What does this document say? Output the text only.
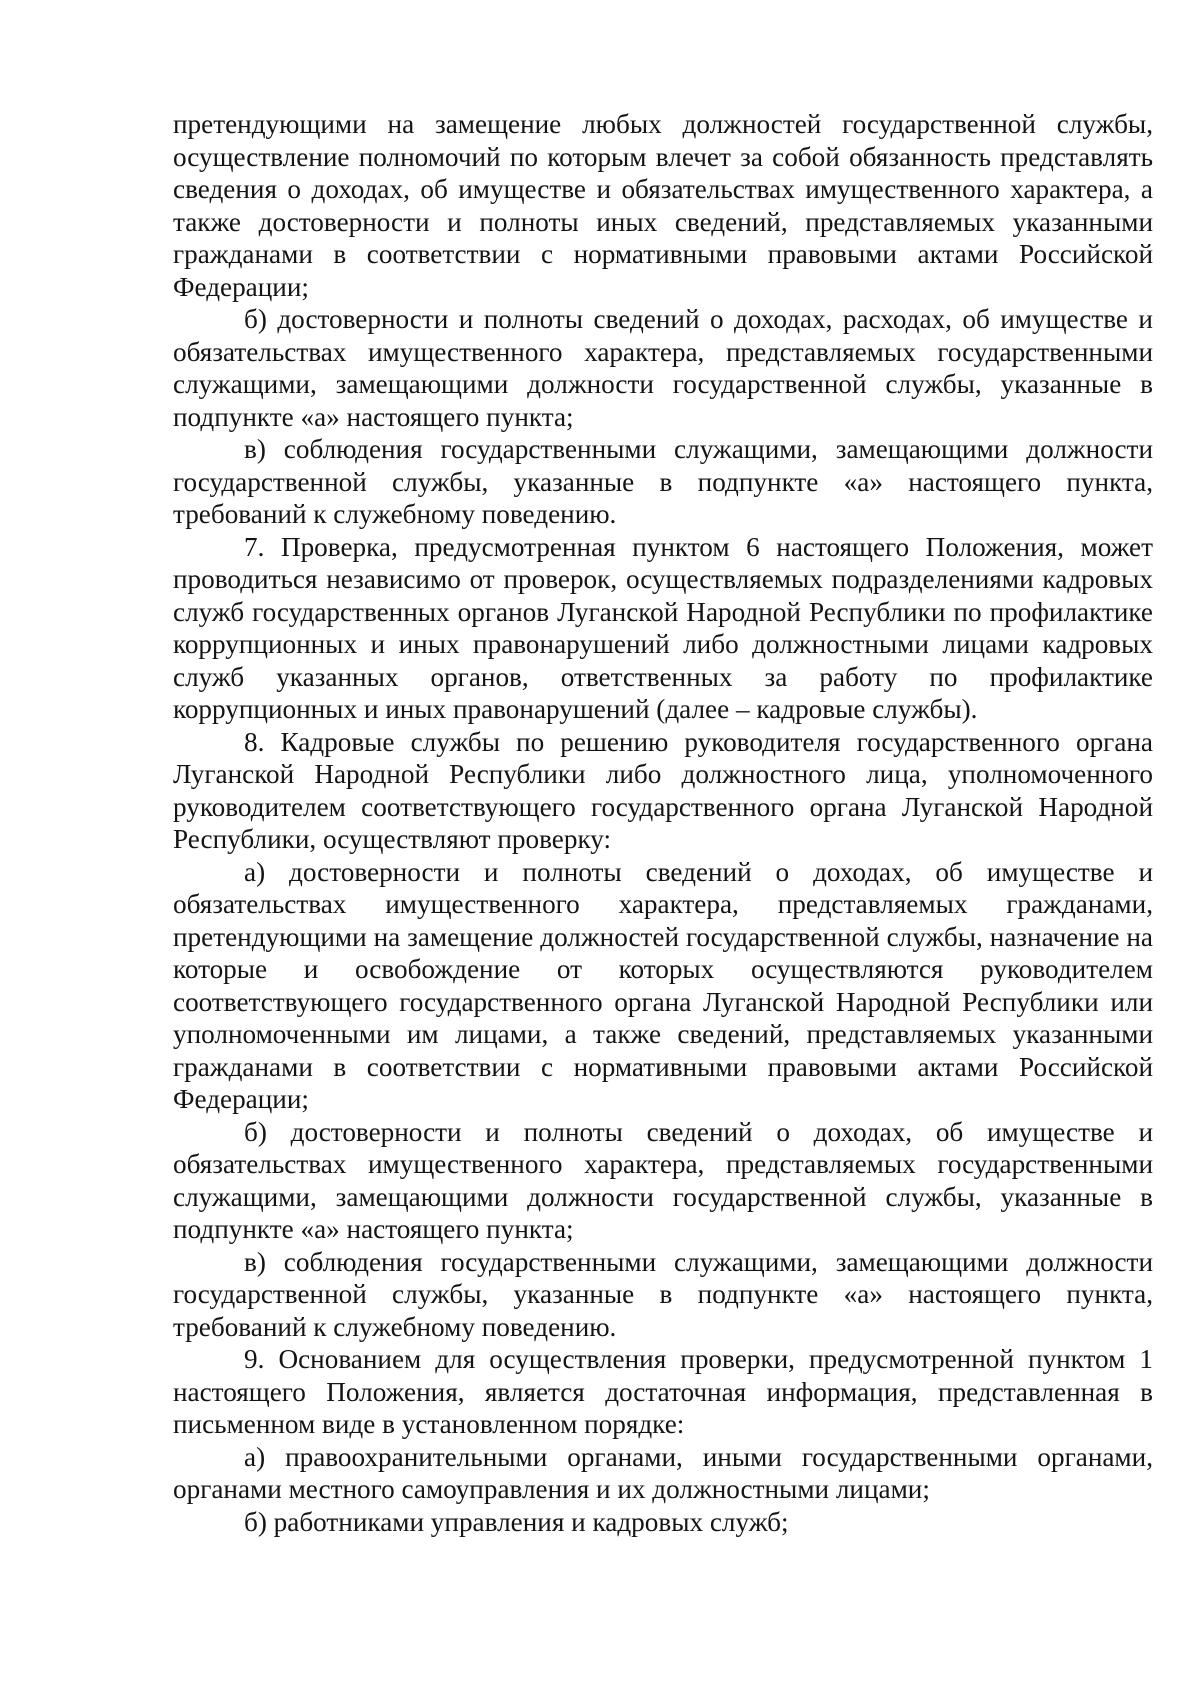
претендующими на замещение любых должностей государственной службы, осуществление полномочий по которым влечет за собой обязанность представлять сведения о доходах, об имуществе и обязательствах имущественного характера, а также достоверности и полноты иных сведений, представляемых указанными гражданами в соответствии с нормативными правовыми актами Российской Федерации;

б) достоверности и полноты сведений о доходах, расходах, об имуществе и обязательствах имущественного характера, представляемых государственными служащими, замещающими должности государственной службы, указанные в подпункте «а» настоящего пункта;

в) соблюдения государственными служащими, замещающими должности государственной службы, указанные в подпункте «а» настоящего пункта, требований к служебному поведению.

7. Проверка, предусмотренная пунктом 6 настоящего Положения, может проводиться независимо от проверок, осуществляемых подразделениями кадровых служб государственных органов Луганской Народной Республики по профилактике коррупционных и иных правонарушений либо должностными лицами кадровых служб указанных органов, ответственных за работу по профилактике коррупционных и иных правонарушений (далее – кадровые службы).

8. Кадровые службы по решению руководителя государственного органа Луганской Народной Республики либо должностного лица, уполномоченного руководителем соответствующего государственного органа Луганской Народной Республики, осуществляют проверку:

а) достоверности и полноты сведений о доходах, об имуществе и обязательствах имущественного характера, представляемых гражданами, претендующими на замещение должностей государственной службы, назначение на которые и освобождение от которых осуществляются руководителем соответствующего государственного органа Луганской Народной Республики или уполномоченными им лицами, а также сведений, представляемых указанными гражданами в соответствии с нормативными правовыми актами Российской Федерации;

б) достоверности и полноты сведений о доходах, об имуществе и обязательствах имущественного характера, представляемых государственными служащими, замещающими должности государственной службы, указанные в подпункте «а» настоящего пункта;

в) соблюдения государственными служащими, замещающими должности государственной службы, указанные в подпункте «а» настоящего пункта, требований к служебному поведению.

9. Основанием для осуществления проверки, предусмотренной пунктом 1 настоящего Положения, является достаточная информация, представленная в письменном виде в установленном порядке:

а) правоохранительными органами, иными государственными органами, органами местного самоуправления и их должностными лицами;

б) работниками управления и кадровых служб;
